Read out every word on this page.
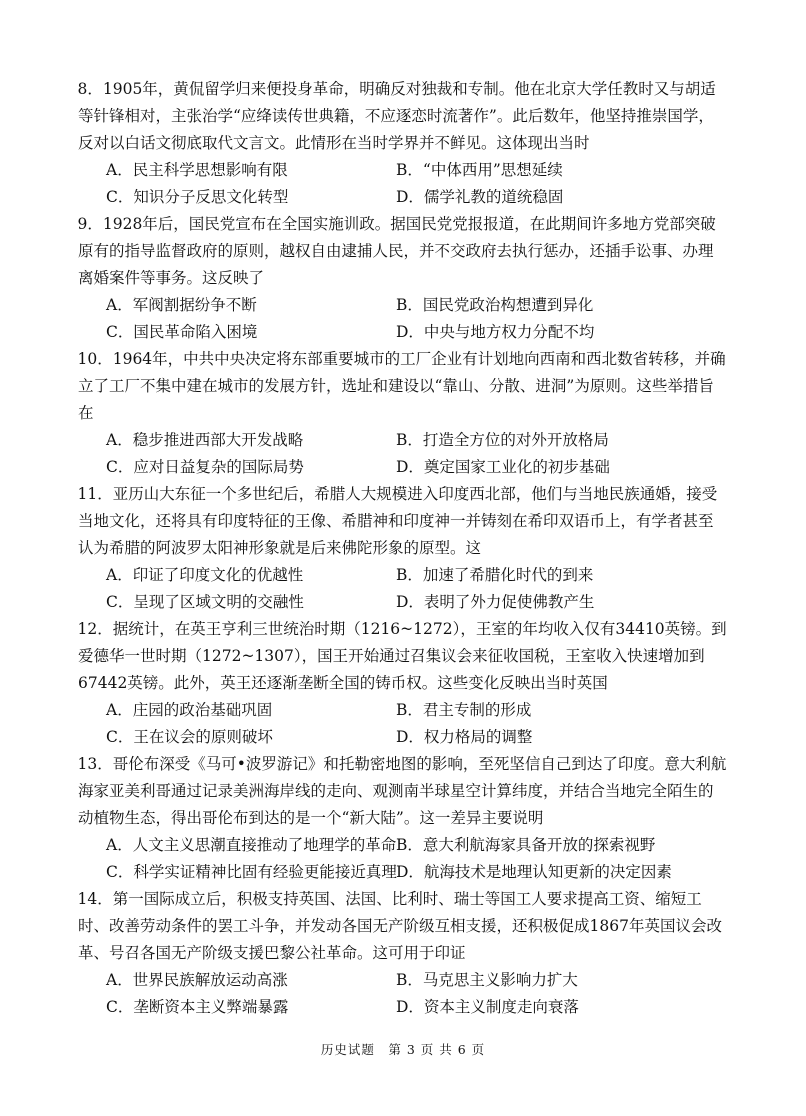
8．1905年，黄侃留学归来便投身革命，明确反对独裁和专制。他在北京大学任教时又与胡适等针锋相对，主张治学“应绛读传世典籍，不应逐恋时流著作”。此后数年，他坚持推崇国学，反对以白话文彻底取代文言文。此情形在当时学界并不鲜见。这体现出当时

A．民主科学思想影响有限	B．“中体西用”思想延续
C．知识分子反思文化转型	D．儒学礼教的道统稳固

9．1928年后，国民党宣布在全国实施训政。据国民党党报报道，在此期间许多地方党部突破原有的指导监督政府的原则，越权自由逮捕人民，并不交政府去执行惩办，还插手讼事、办理离婚案件等事务。这反映了

A．军阀割据纷争不断	B．国民党政治构想遭到异化
C．国民革命陷入困境	D．中央与地方权力分配不均

10．1964年，中共中央决定将东部重要城市的工厂企业有计划地向西南和西北数省转移，并确立了工厂不集中建在城市的发展方针，选址和建设以“靠山、分散、进洞”为原则。这些举措旨在

A．稳步推进西部大开发战略	B．打造全方位的对外开放格局
C．应对日益复杂的国际局势	D．奠定国家工业化的初步基础

11．亚历山大东征一个多世纪后，希腊人大规模进入印度西北部，他们与当地民族通婚，接受当地文化，还将具有印度特征的王像、希腊神和印度神一并铸刻在希印双语币上，有学者甚至认为希腊的阿波罗太阳神形象就是后来佛陀形象的原型。这

A．印证了印度文化的优越性	B．加速了希腊化时代的到来
C．呈现了区域文明的交融性	D．表明了外力促使佛教产生

12．据统计，在英王亨利三世统治时期（1216~1272），王室的年均收入仅有34410英镑。到爱德华一世时期（1272~1307），国王开始通过召集议会来征收国税，王室收入快速增加到67442英镑。此外，英王还逐渐垄断全国的铸币权。这些变化反映出当时英国

A．庄园的政治基础巩固	B．君主专制的形成
C．王在议会的原则破坏	D．权力格局的调整

13．哥伦布深受《马可•波罗游记》和托勒密地图的影响，至死坚信自己到达了印度。意大利航海家亚美利哥通过记录美洲海岸线的走向、观测南半球星空计算纬度，并结合当地完全陌生的动植物生态，得出哥伦布到达的是一个“新大陆”。这一差异主要说明

A．人文主义思潮直接推动了地理学的革命 B．意大利航海家具备开放的探索视野
C．科学实证精神比固有经验更能接近真理 D．航海技术是地理认知更新的决定因素

14．第一国际成立后，积极支持英国、法国、比利时、瑞士等国工人要求提高工资、缩短工时、改善劳动条件的罢工斗争，并发动各国无产阶级互相支援，还积极促成1867年英国议会改革、号召各国无产阶级支援巴黎公社革命。这可用于印证

A．世界民族解放运动高涨	B．马克思主义影响力扩大
C．垄断资本主义弊端暴露	D．资本主义制度走向衰落
历史试题　第 3 页 共 6 页
